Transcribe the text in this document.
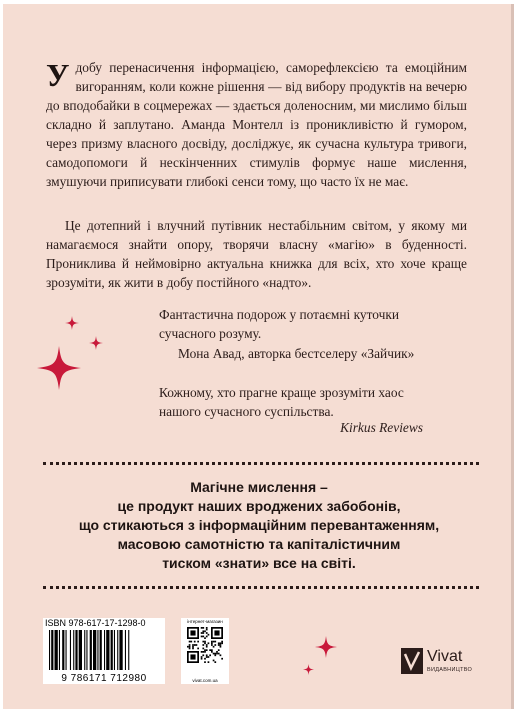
Удобу перенасичення інформацією, саморефлексією та емоційним вигоранням, коли кожне рішення — від вибору продуктів на вечерю до вподобайки в соцмережах — здається доленосним, ми мислимо більш складно й заплутано. Аманда Монтелл із проникливістю й гумором, через призму власного досвіду, досліджує, як сучасна культура тривоги, самодопомоги й нескінченних стимулів формує наше мислення, змушуючи приписувати глибокі сенси тому, що часто їх не має.

Це дотепний і влучний путівник нестабільним світом, у якому ми намагаємося знайти опору, творячи власну «магію» в буденності. Прониклива й неймовірно актуальна книжка для всіх, хто хоче краще зрозуміти, як жити в добу постійного «надто».

Фантастична подорож у потаємні куточки сучасного розуму.
Мона Авад, авторка бестселеру «Зайчик»
Кожному, хто прагне краще зрозуміти хаос нашого сучасного суспільства.
Kirkus Reviews
Магічне мислення –
це продукт наших вроджених забобонів,
що стикаються з інформаційним перевантаженням,
масовою самотністю та капіталістичним
тиском «знати» все на світі.
ISBN 978-617-17-1298-0
9 786171 712980
інтернет-магазин
vivat.com.ua
Vivat
ВИДАВНИЦТВО
